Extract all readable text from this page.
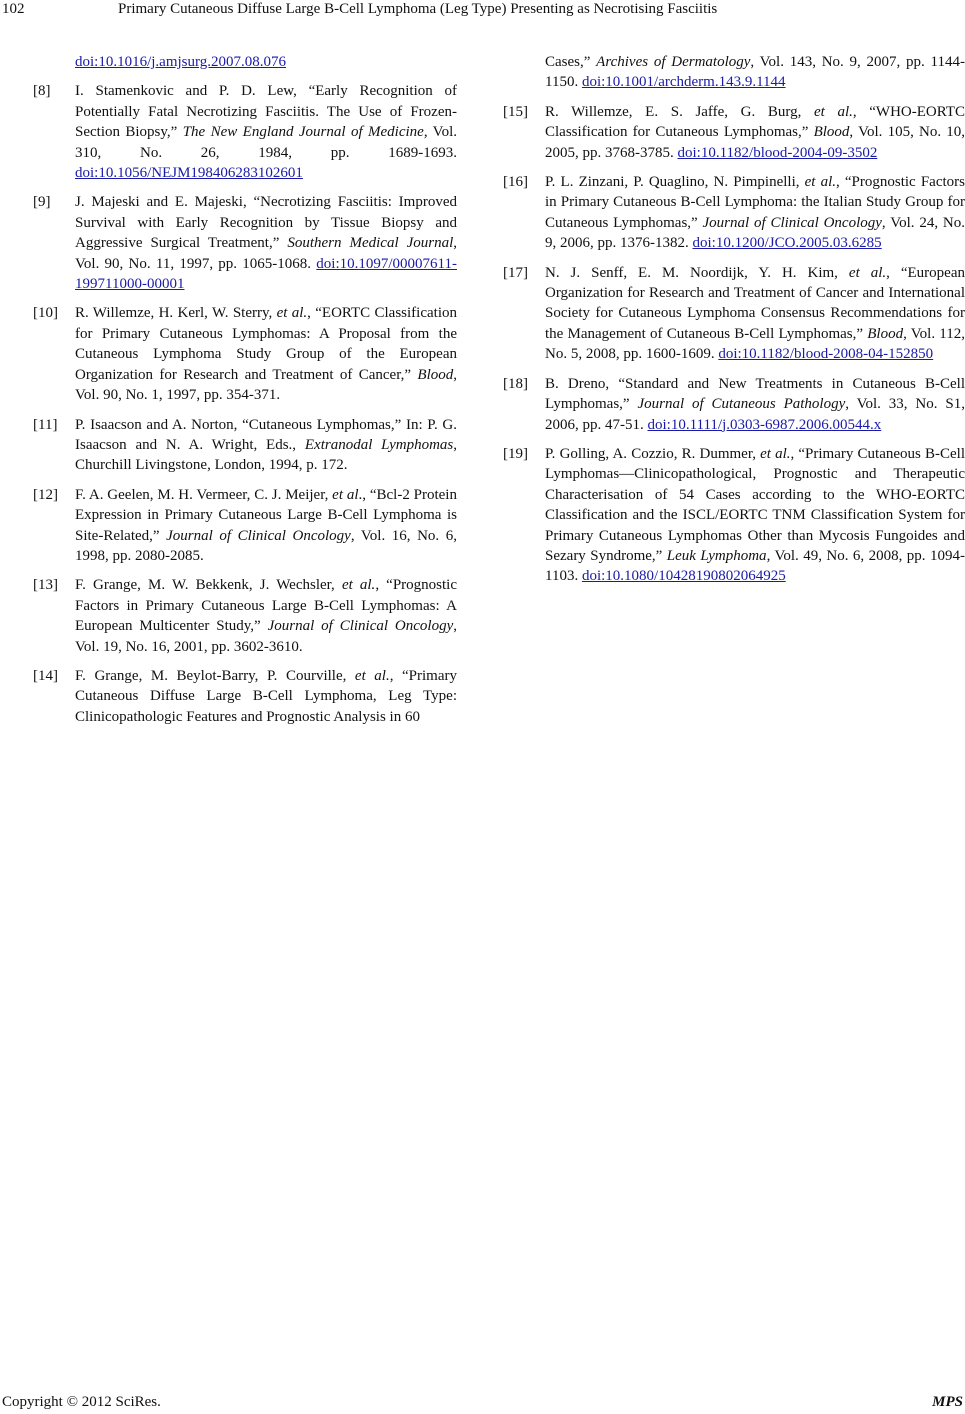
102	Primary Cutaneous Diffuse Large B-Cell Lymphoma (Leg Type) Presenting as Necrotising Fasciitis
doi:10.1016/j.amjsurg.2007.08.076
[8] I. Stamenkovic and P. D. Lew, “Early Recognition of Potentially Fatal Necrotizing Fasciitis. The Use of Frozen-Section Biopsy,” The New England Journal of Medicine, Vol. 310, No. 26, 1984, pp. 1689-1693. doi:10.1056/NEJM198406283102601
[9] J. Majeski and E. Majeski, “Necrotizing Fasciitis: Improved Survival with Early Recognition by Tissue Biopsy and Aggressive Surgical Treatment,” Southern Medical Journal, Vol. 90, No. 11, 1997, pp. 1065-1068. doi:10.1097/00007611-199711000-00001
[10] R. Willemze, H. Kerl, W. Sterry, et al., “EORTC Classification for Primary Cutaneous Lymphomas: A Proposal from the Cutaneous Lymphoma Study Group of the European Organization for Research and Treatment of Cancer,” Blood, Vol. 90, No. 1, 1997, pp. 354-371.
[11] P. Isaacson and A. Norton, “Cutaneous Lymphomas,” In: P. G. Isaacson and N. A. Wright, Eds., Extranodal Lymphomas, Churchill Livingstone, London, 1994, p. 172.
[12] F. A. Geelen, M. H. Vermeer, C. J. Meijer, et al., “Bcl-2 Protein Expression in Primary Cutaneous Large B-Cell Lymphoma is Site-Related,” Journal of Clinical Oncology, Vol. 16, No. 6, 1998, pp. 2080-2085.
[13] F. Grange, M. W. Bekkenk, J. Wechsler, et al., “Prognostic Factors in Primary Cutaneous Large B-Cell Lymphomas: A European Multicenter Study,” Journal of Clinical Oncology, Vol. 19, No. 16, 2001, pp. 3602-3610.
[14] F. Grange, M. Beylot-Barry, P. Courville, et al., “Primary Cutaneous Diffuse Large B-Cell Lymphoma, Leg Type: Clinicopathologic Features and Prognostic Analysis in 60
Cases,” Archives of Dermatology, Vol. 143, No. 9, 2007, pp. 1144-1150. doi:10.1001/archderm.143.9.1144
[15] R. Willemze, E. S. Jaffe, G. Burg, et al., “WHO-EORTC Classification for Cutaneous Lymphomas,” Blood, Vol. 105, No. 10, 2005, pp. 3768-3785. doi:10.1182/blood-2004-09-3502
[16] P. L. Zinzani, P. Quaglino, N. Pimpinelli, et al., “Prognostic Factors in Primary Cutaneous B-Cell Lymphoma: the Italian Study Group for Cutaneous Lymphomas,” Journal of Clinical Oncology, Vol. 24, No. 9, 2006, pp. 1376-1382. doi:10.1200/JCO.2005.03.6285
[17] N. J. Senff, E. M. Noordijk, Y. H. Kim, et al., “European Organization for Research and Treatment of Cancer and International Society for Cutaneous Lymphoma Consensus Recommendations for the Management of Cutaneous B-Cell Lymphomas,” Blood, Vol. 112, No. 5, 2008, pp. 1600-1609. doi:10.1182/blood-2008-04-152850
[18] B. Dreno, “Standard and New Treatments in Cutaneous B-Cell Lymphomas,” Journal of Cutaneous Pathology, Vol. 33, No. S1, 2006, pp. 47-51. doi:10.1111/j.0303-6987.2006.00544.x
[19] P. Golling, A. Cozzio, R. Dummer, et al., “Primary Cutaneous B-Cell Lymphomas—Clinicopathological, Prognostic and Therapeutic Characterisation of 54 Cases according to the WHO-EORTC Classification and the ISCL/EORTC TNM Classification System for Primary Cutaneous Lymphomas Other than Mycosis Fungoides and Sezary Syndrome,” Leuk Lymphoma, Vol. 49, No. 6, 2008, pp. 1094-1103. doi:10.1080/10428190802064925
Copyright © 2012 SciRes.	MPS
